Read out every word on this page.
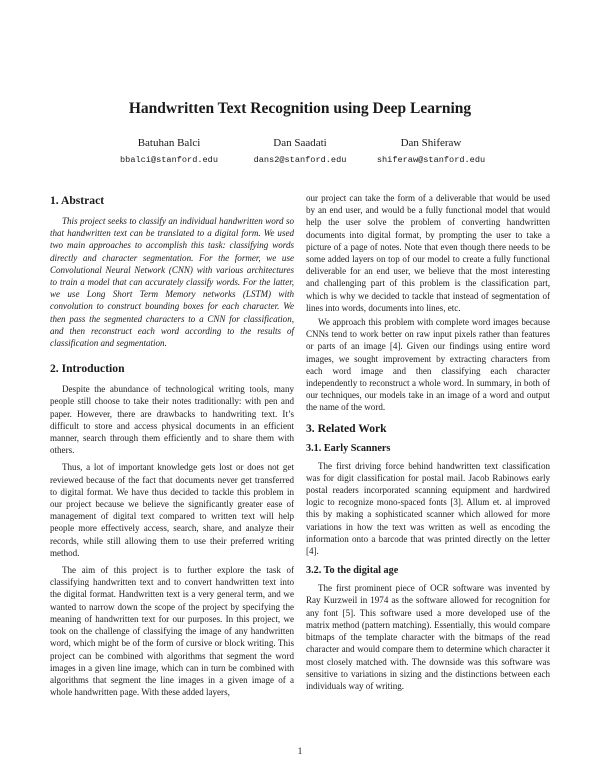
Handwritten Text Recognition using Deep Learning
Batuhan Balci	Dan Saadati	Dan Shiferaw
bbalci@stanford.edu	dans2@stanford.edu	shiferaw@stanford.edu
1. Abstract

This project seeks to classify an individual handwritten word so that handwritten text can be translated to a digital form. We used two main approaches to accomplish this task: classifying words directly and character segmentation. For the former, we use Convolutional Neural Network (CNN) with various architectures to train a model that can accurately classify words. For the latter, we use Long Short Term Memory networks (LSTM) with convolution to construct bounding boxes for each character. We then pass the segmented characters to a CNN for classification, and then reconstruct each word according to the results of classification and segmentation.

2. Introduction

Despite the abundance of technological writing tools, many people still choose to take their notes traditionally: with pen and paper. However, there are drawbacks to handwriting text. It’s difficult to store and access physical documents in an efficient manner, search through them efficiently and to share them with others.

Thus, a lot of important knowledge gets lost or does not get reviewed because of the fact that documents never get transferred to digital format. We have thus decided to tackle this problem in our project because we believe the significantly greater ease of management of digital text compared to written text will help people more effectively access, search, share, and analyze their records, while still allowing them to use their preferred writing method.

The aim of this project is to further explore the task of classifying handwritten text and to convert handwritten text into the digital format. Handwritten text is a very general term, and we wanted to narrow down the scope of the project by specifying the meaning of handwritten text for our purposes. In this project, we took on the challenge of classifying the image of any handwritten word, which might be of the form of cursive or block writing. This project can be combined with algorithms that segment the word images in a given line image, which can in turn be combined with algorithms that segment the line images in a given image of a whole handwritten page. With these added layers,

our project can take the form of a deliverable that would be used by an end user, and would be a fully functional model that would help the user solve the problem of converting handwritten documents into digital format, by prompting the user to take a picture of a page of notes. Note that even though there needs to be some added layers on top of our model to create a fully functional deliverable for an end user, we believe that the most interesting and challenging part of this problem is the classification part, which is why we decided to tackle that instead of segmentation of lines into words, documents into lines, etc.

We approach this problem with complete word images because CNNs tend to work better on raw input pixels rather than features or parts of an image [4]. Given our findings using entire word images, we sought improvement by extracting characters from each word image and then classifying each character independently to reconstruct a whole word. In summary, in both of our techniques, our models take in an image of a word and output the name of the word.

3. Related Work
3.1. Early Scanners

The first driving force behind handwritten text classification was for digit classification for postal mail. Jacob Rabinows early postal readers incorporated scanning equipment and hardwired logic to recognize mono-spaced fonts [3]. Allum et. al improved this by making a sophisticated scanner which allowed for more variations in how the text was written as well as encoding the information onto a barcode that was printed directly on the letter [4].

3.2. To the digital age

The first prominent piece of OCR software was invented by Ray Kurzweil in 1974 as the software allowed for recognition for any font [5]. This software used a more developed use of the matrix method (pattern matching). Essentially, this would compare bitmaps of the template character with the bitmaps of the read character and would compare them to determine which character it most closely matched with. The downside was this software was sensitive to variations in sizing and the distinctions between each individuals way of writing.

1
